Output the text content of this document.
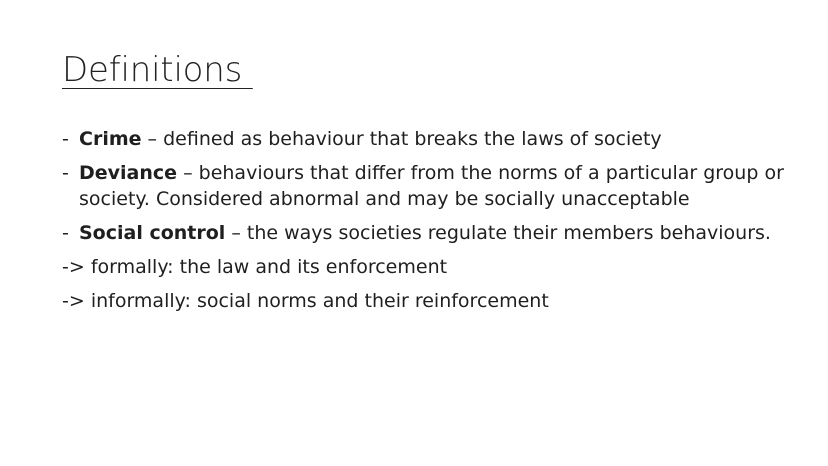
Definitions
- Crime – defined as behaviour that breaks the laws of society
- Deviance – behaviours that differ from the norms of a particular group or society. Considered abnormal and may be socially unacceptable
- Social control – the ways societies regulate their members behaviours.
-> formally: the law and its enforcement
-> informally: social norms and their reinforcement
